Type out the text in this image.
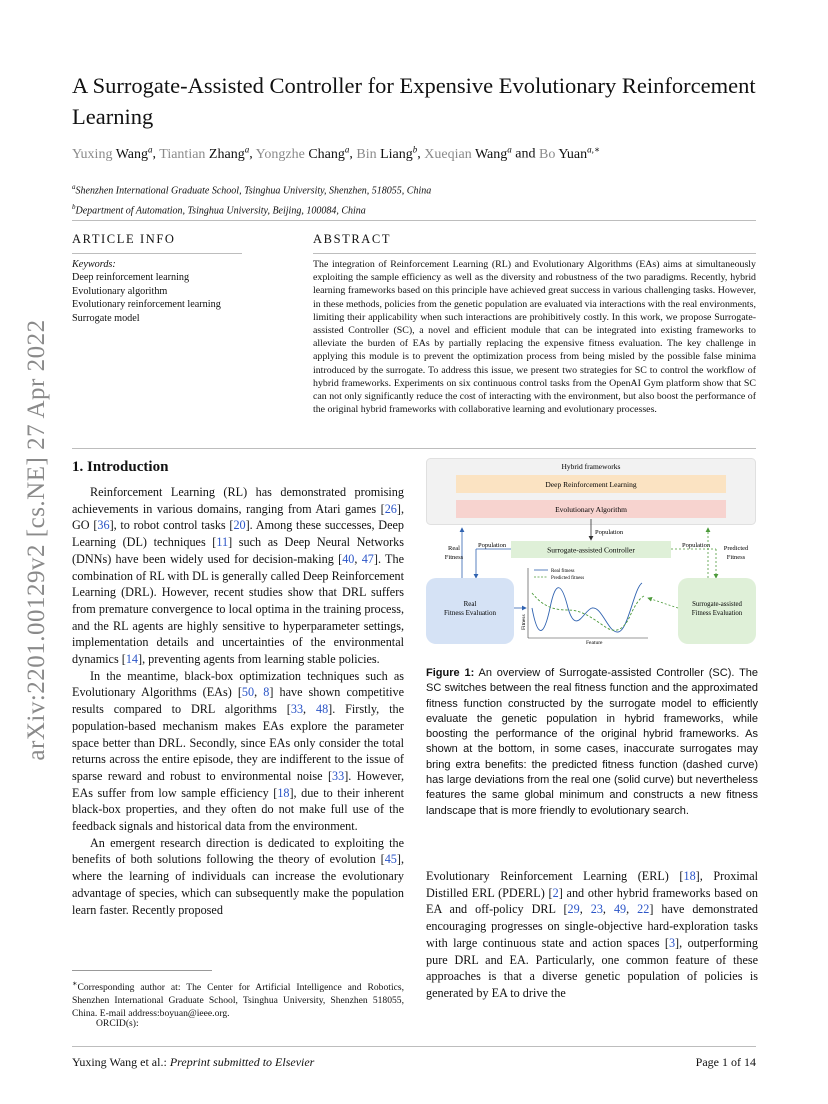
arXiv:2201.00129v2 [cs.NE] 27 Apr 2022
A Surrogate-Assisted Controller for Expensive Evolutionary Reinforcement Learning
Yuxing Wang$^a$, Tiantian Zhang$^a$, Yongzhe Chang$^a$, Bin Liang$^b$, Xueqian Wang$^a$ and Bo Yuan$^{a,∗}$
$^a$Shenzhen International Graduate School, Tsinghua University, Shenzhen, 518055, China
$^b$Department of Automation, Tsinghua University, Beijing, 100084, China
ARTICLE INFO	ABSTRACT
Keywords:
Deep reinforcement learning
Evolutionary algorithm
Evolutionary reinforcement learning
Surrogate model
The integration of Reinforcement Learning (RL) and Evolutionary Algorithms (EAs) aims at simultaneously exploiting the sample efficiency as well as the diversity and robustness of the two paradigms. Recently, hybrid learning frameworks based on this principle have achieved great success in various challenging tasks. However, in these methods, policies from the genetic population are evaluated via interactions with the real environments, limiting their applicability when such interactions are prohibitively costly. In this work, we propose Surrogate-assisted Controller (SC), a novel and efficient module that can be integrated into existing frameworks to alleviate the burden of EAs by partially replacing the expensive fitness evaluation. The key challenge in applying this module is to prevent the optimization process from being misled by the possible false minima introduced by the surrogate. To address this issue, we present two strategies for SC to control the workflow of hybrid frameworks. Experiments on six continuous control tasks from the OpenAI Gym platform show that SC can not only significantly reduce the cost of interacting with the environment, but also boost the performance of the original hybrid frameworks with collaborative learning and evolutionary processes.
1. Introduction

Reinforcement Learning (RL) has demonstrated promising achievements in various domains, ranging from Atari games [26], GO [36], to robot control tasks [20]. Among these successes, Deep Learning (DL) techniques [11] such as Deep Neural Networks (DNNs) have been widely used for decision-making [40, 47]. The combination of RL with DL is generally called Deep Reinforcement Learning (DRL). However, recent studies show that DRL suffers from premature convergence to local optima in the training process, and the RL agents are highly sensitive to hyperparameter settings, implementation details and uncertainties of the environmental dynamics [14], preventing agents from learning stable policies.

In the meantime, black-box optimization techniques such as Evolutionary Algorithms (EAs) [50, 8] have shown competitive results compared to DRL algorithms [33, 48]. Firstly, the population-based mechanism makes EAs explore the parameter space better than DRL. Secondly, since EAs only consider the total returns across the entire episode, they are indifferent to the issue of sparse reward and robust to environmental noise [33]. However, EAs suffer from low sample efficiency [18], due to their inherent black-box properties, and they often do not make full use of the feedback signals and historical data from the environment.

An emergent research direction is dedicated to exploiting the benefits of both solutions following the theory of evolution [45], where the learning of individuals can increase the evolutionary advantage of species, which can subsequently make the population learn faster. Recently proposed

Hybrid frameworks
Deep Reinforcement Learning
Evolutionary Algorithm
Population
Surrogate-assisted Controller
Population
Real Fitness
Population Predicted Fitness
Real Fitness Evaluation
Surrogate-assisted Fitness Evaluation
Fitness
Feature
Real fitness
Predicted fitness
Figure 1: An overview of Surrogate-assisted Controller (SC). The SC switches between the real fitness function and the approximated fitness function constructed by the surrogate model to efficiently evaluate the genetic population in hybrid frameworks, while boosting the performance of the original hybrid frameworks. As shown at the bottom, in some cases, inaccurate surrogates may bring extra benefits: the predicted fitness function (dashed curve) has large deviations from the real one (solid curve) but nevertheless features the same global minimum and constructs a new fitness landscape that is more friendly to evolutionary search.

Evolutionary Reinforcement Learning (ERL) [18], Proximal Distilled ERL (PDERL) [2] and other hybrid frameworks based on EA and off-policy DRL [29, 23, 49, 22] have demonstrated encouraging progresses on single-objective hard-exploration tasks with large continuous state and action spaces [3], outperforming pure DRL and EA. Particularly, one common feature of these approaches is that a diverse genetic population of policies is generated by EA to drive the

∗Corresponding author at: The Center for Artificial Intelligence and Robotics, Shenzhen International Graduate School, Tsinghua University, Shenzhen 518055, China. E-mail address:boyuan@ieee.org.
ORCID(s):
Yuxing Wang et al.: Preprint submitted to Elsevier	Page 1 of 14
